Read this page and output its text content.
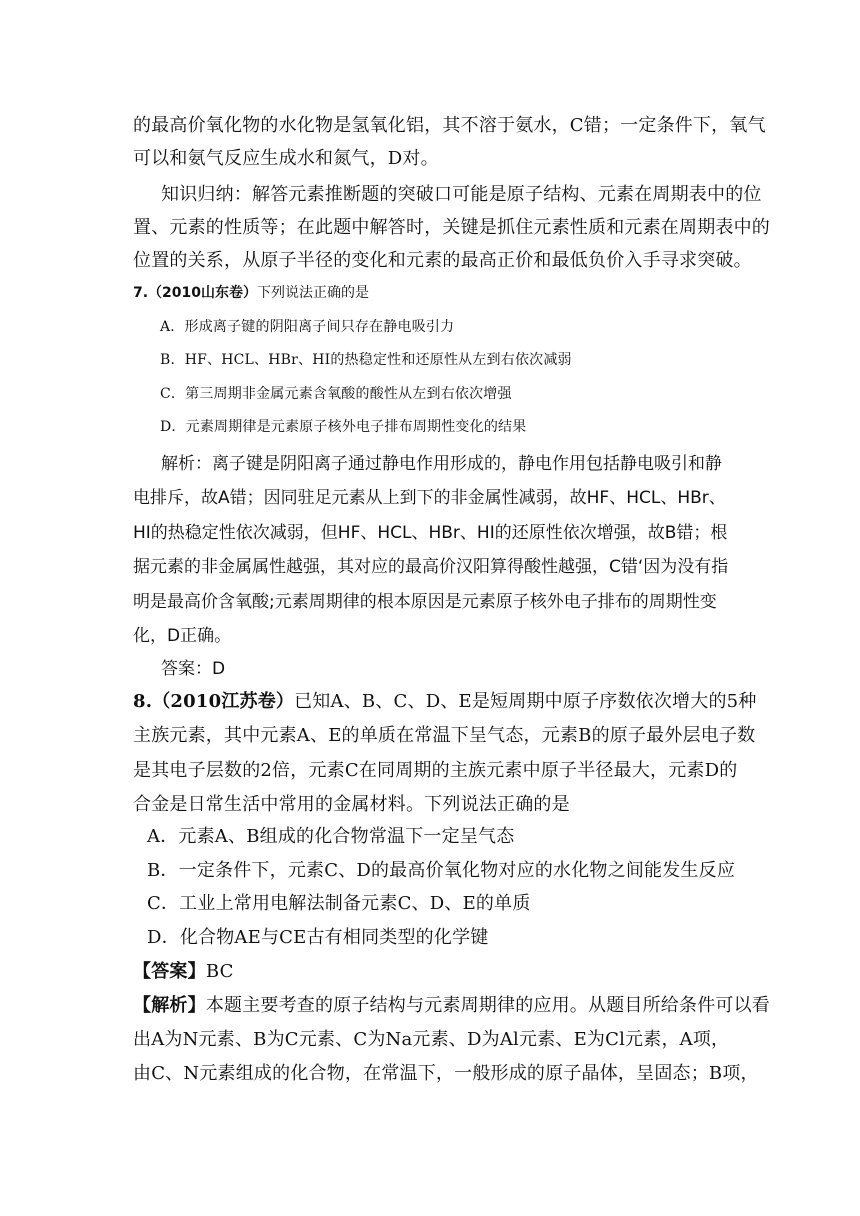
的最高价氧化物的水化物是氢氧化铝，其不溶于氨水，C错；一定条件下，氧气
可以和氨气反应生成水和氮气，D对。
知识归纳：解答元素推断题的突破口可能是原子结构、元素在周期表中的位
置、元素的性质等；在此题中解答时，关键是抓住元素性质和元素在周期表中的
位置的关系，从原子半径的变化和元素的最高正价和最低负价入手寻求突破。
7.（2010山东卷）下列说法正确的是
A．形成离子键的阴阳离子间只存在静电吸引力
B．HF、HCL、HBr、HI的热稳定性和还原性从左到右依次减弱
C．第三周期非金属元素含氧酸的酸性从左到右依次增强
D．元素周期律是元素原子核外电子排布周期性变化的结果
解析：离子键是阴阳离子通过静电作用形成的，静电作用包括静电吸引和静
电排斥，故A错；因同驻足元素从上到下的非金属性减弱，故HF、HCL、HBr、
HI的热稳定性依次减弱，但HF、HCL、HBr、HI的还原性依次增强，故B错；根
据元素的非金属属性越强，其对应的最高价汉阳算得酸性越强，C错‘因为没有指
明是最高价含氧酸;元素周期律的根本原因是元素原子核外电子排布的周期性变
化，D正确。
答案：D
8.（2010江苏卷）已知A、B、C、D、E是短周期中原子序数依次增大的5种
主族元素，其中元素A、E的单质在常温下呈气态，元素B的原子最外层电子数
是其电子层数的2倍，元素C在同周期的主族元素中原子半径最大，元素D的
合金是日常生活中常用的金属材料。下列说法正确的是
A．元素A、B组成的化合物常温下一定呈气态
B．一定条件下，元素C、D的最高价氧化物对应的水化物之间能发生反应
C．工业上常用电解法制备元素C、D、E的单质
D．化合物AE与CE古有相同类型的化学键
【答案】BC
【解析】本题主要考查的原子结构与元素周期律的应用。从题目所给条件可以看
出A为N元素、B为C元素、C为Na元素、D为Al元素、E为Cl元素，A项，
由C、N元素组成的化合物，在常温下，一般形成的原子晶体，呈固态；B项，
